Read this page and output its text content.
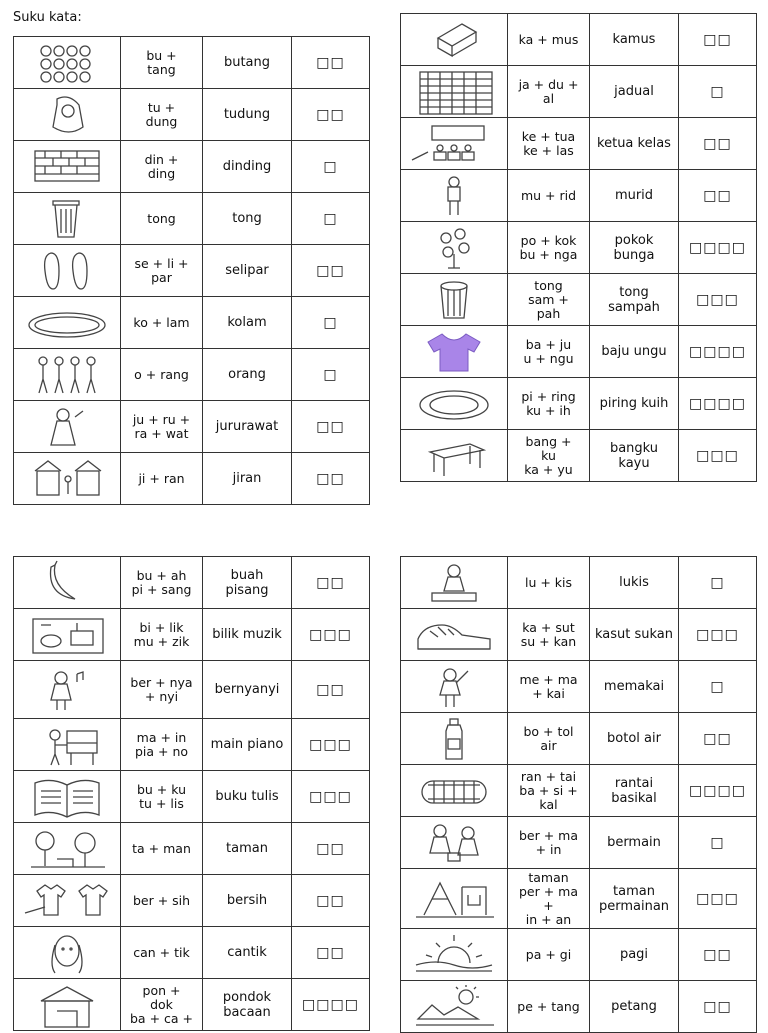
Suku kata:
	bu +
tang	butang	□□

	tu +
dung	tudung	□□

	din +
ding	dinding	□

	tong	tong	□

	se + li +
par	selipar	□□

	ko + lam	kolam	□

	o + rang	orang	□

	ju + ru +
ra + wat	jururawat	□□

	ji + ran	jiran	□□
	ka + mus	kamus	□□

	ja + du +
al	jadual	□

	ke + tua
ke + las	ketua kelas	□□

	mu + rid	murid	□□

	po + kok
bu + nga	pokok
bunga	□□□□

	tong
sam +
pah	tong
sampah	□□□

	ba + ju
u + ngu	baju ungu	□□□□

	pi + ring
ku + ih	piring kuih	□□□□

	bang +
ku
ka + yu	bangku
kayu	□□□
	bu + ah
pi + sang	buah
pisang	□□

	bi + lik
mu + zik	bilik muzik	□□□

	ber + nya
+ nyi	bernyanyi	□□

	ma + in
pia + no	main piano	□□□

	bu + ku
tu + lis	buku tulis	□□□

	ta + man	taman	□□

	ber + sih	bersih	□□

	can + tik	cantik	□□

	pon +
dok
ba + ca +	pondok
bacaan	□□□□
	lu + kis	lukis	□

	ka + sut
su + kan	kasut sukan	□□□

	me + ma
+ kai	memakai	□

	bo + tol
air	botol air	□□

	ran + tai
ba + si +
kal	rantai
basikal	□□□□

	ber + ma
+ in	bermain	□

	taman
per + ma
+
in + an	taman
permainan	□□□

	pa + gi	pagi	□□

	pe + tang	petang	□□
